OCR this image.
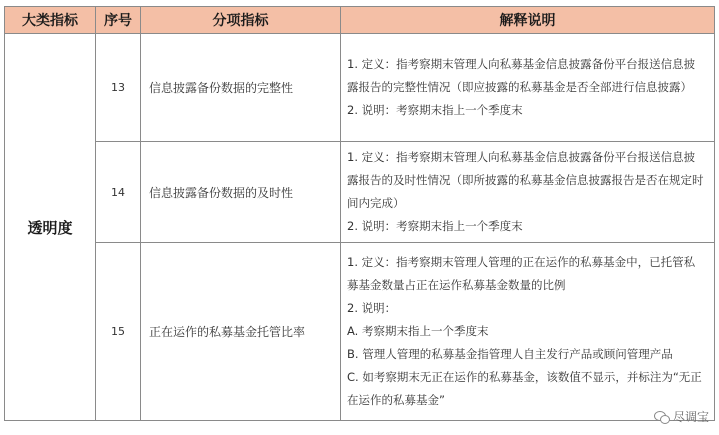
大类指标	序号	分项指标	解释说明
透明度	13	信息披露备份数据的完整性	1. 定义：指考察期末管理人向私募基金信息披露备份平台报送信息披露报告的完整性情况（即应披露的私募基金是否全部进行信息披露）

2. 说明：考察期末指上一个季度末

	14	信息披露备份数据的及时性	1. 定义：指考察期末管理人向私募基金信息披露备份平台报送信息披露报告的及时性情况（即所披露的私募基金信息披露报告是否在规定时间内完成）

2. 说明：考察期末指上一个季度末

	15	正在运作的私募基金托管比率	1. 定义：指考察期末管理人管理的正在运作的私募基金中，已托管私募基金数量占正在运作私募基金数量的比例

2. 说明：

A. 考察期末指上一个季度末

B. 管理人管理的私募基金指管理人自主发行产品或顾问管理产品

C. 如考察期末无正在运作的私募基金，该数值不显示，并标注为“无正在运作的私募基金”

尽调宝
